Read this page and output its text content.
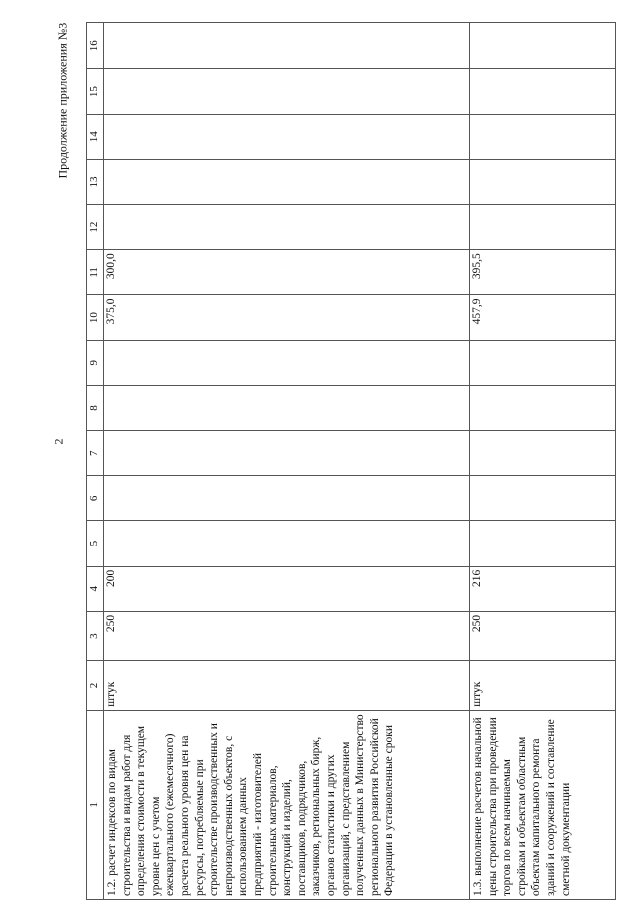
2
Продолжение приложения №3
1	2	3	4	5	6	7	8	9	10	11	12	13	14	15	16
1.2. расчет индексов по видам строительства и видам работ для определения стоимости в текущем уровне цен с учетом ежеквартального (ежемесячного) расчета реального уровня цен на ресурсы, потребляемые при строительстве производственных и непроизводственных объектов, с использованием данных предприятий - изготовителей строительных материалов, конструкций и изделий, поставщиков, подрядчиков, заказчиков, региональных бирж, органов статистики и других организаций, с представлением полученных данных в Министерство регионального развития Российской Федерации в установленные сроки	штук	250	200						375,0	300,0					
1.3. выполнение расчетов начальной цены строительства при проведении торгов по всем начинаемым стройкам и объектам областным объектам капитального ремонта зданий и сооружений и составление сметной документации	штук	250	216						457,9	395,5					
